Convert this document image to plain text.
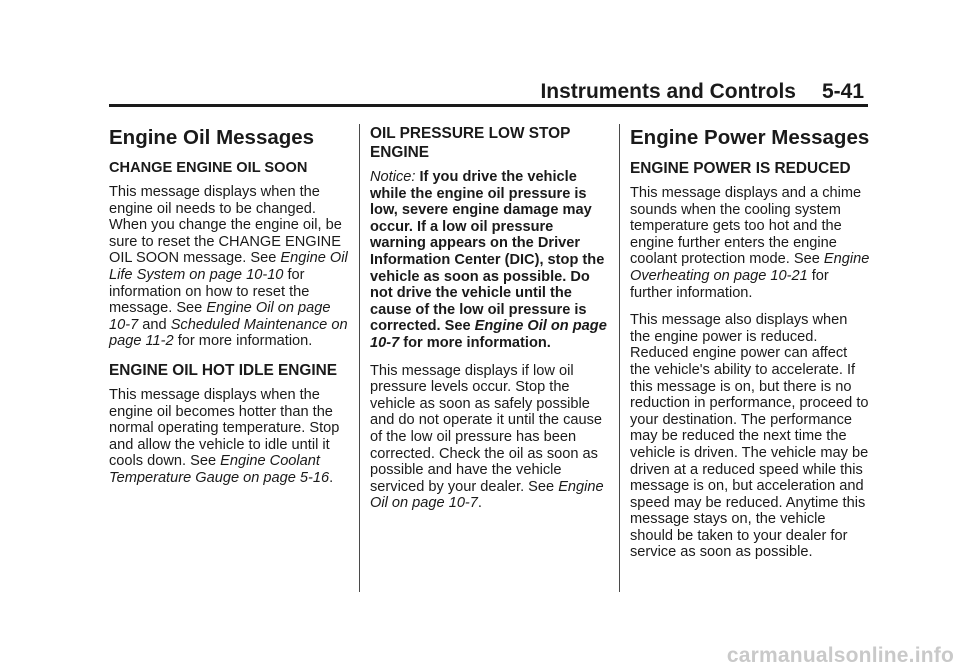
Instruments and Controls 5-41
Engine Oil Messages
CHANGE ENGINE OIL SOON

This message displays when the engine oil needs to be changed. When you change the engine oil, be sure to reset the CHANGE ENGINE OIL SOON message. See Engine Oil Life System on page 10-10 for information on how to reset the message. See Engine Oil on page 10-7 and Scheduled Maintenance on page 11-2 for more information.

ENGINE OIL HOT IDLE ENGINE

This message displays when the engine oil becomes hotter than the normal operating temperature. Stop and allow the vehicle to idle until it cools down. See Engine Coolant Temperature Gauge on page 5-16.

OIL PRESSURE LOW STOP ENGINE

Notice: If you drive the vehicle while the engine oil pressure is low, severe engine damage may occur. If a low oil pressure warning appears on the Driver Information Center (DIC), stop the vehicle as soon as possible. Do not drive the vehicle until the cause of the low oil pressure is corrected. See Engine Oil on page 10-7 for more information.

This message displays if low oil pressure levels occur. Stop the vehicle as soon as safely possible and do not operate it until the cause of the low oil pressure has been corrected. Check the oil as soon as possible and have the vehicle serviced by your dealer. See Engine Oil on page 10-7.

Engine Power Messages
ENGINE POWER IS REDUCED

This message displays and a chime sounds when the cooling system temperature gets too hot and the engine further enters the engine coolant protection mode. See Engine Overheating on page 10-21 for further information.

This message also displays when the engine power is reduced. Reduced engine power can affect the vehicle's ability to accelerate. If this message is on, but there is no reduction in performance, proceed to your destination. The performance may be reduced the next time the vehicle is driven. The vehicle may be driven at a reduced speed while this message is on, but acceleration and speed may be reduced. Anytime this message stays on, the vehicle should be taken to your dealer for service as soon as possible.

carmanualsonline.info
